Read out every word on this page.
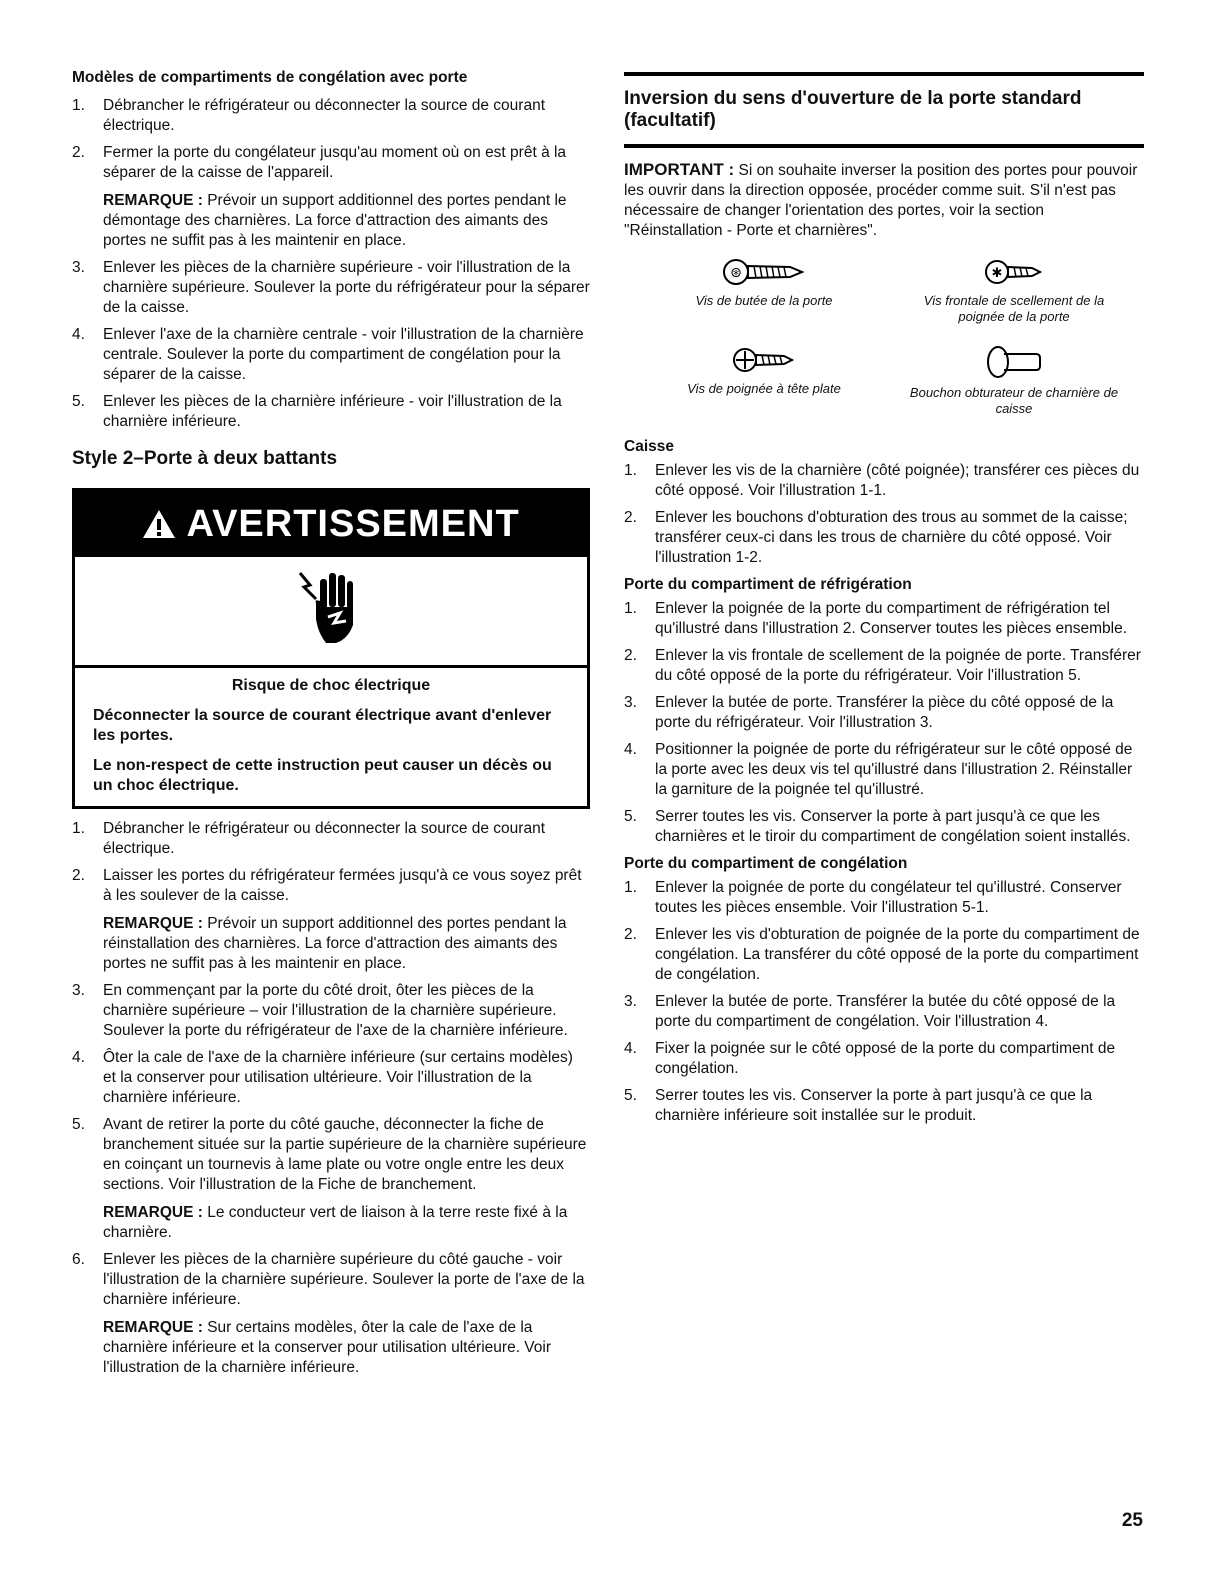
Modèles de compartiments de congélation avec porte
1. Débrancher le réfrigérateur ou déconnecter la source de courant électrique.
2. Fermer la porte du congélateur jusqu'au moment où on est prêt à la séparer de la caisse de l'appareil.

REMARQUE : Prévoir un support additionnel des portes pendant le démontage des charnières. La force d'attraction des aimants des portes ne suffit pas à les maintenir en place.

3. Enlever les pièces de la charnière supérieure - voir l'illustration de la charnière supérieure. Soulever la porte du réfrigérateur pour la séparer de la caisse.
4. Enlever l'axe de la charnière centrale - voir l'illustration de la charnière centrale. Soulever la porte du compartiment de congélation pour la séparer de la caisse.
5. Enlever les pièces de la charnière inférieure - voir l'illustration de la charnière inférieure.
Style 2–Porte à deux battants
AVERTISSEMENT

Risque de choc électrique

Déconnecter la source de courant électrique avant d'enlever les portes.

Le non-respect de cette instruction peut causer un décès ou un choc électrique.

1. Débrancher le réfrigérateur ou déconnecter la source de courant électrique.
2. Laisser les portes du réfrigérateur fermées jusqu'à ce vous soyez prêt à les soulever de la caisse.

REMARQUE : Prévoir un support additionnel des portes pendant la réinstallation des charnières. La force d'attraction des aimants des portes ne suffit pas à les maintenir en place.

3. En commençant par la porte du côté droit, ôter les pièces de la charnière supérieure – voir l'illustration de la charnière supérieure. Soulever la porte du réfrigérateur de l'axe de la charnière inférieure.
4. Ôter la cale de l'axe de la charnière inférieure (sur certains modèles) et la conserver pour utilisation ultérieure. Voir l'illustration de la charnière inférieure.
5. Avant de retirer la porte du côté gauche, déconnecter la fiche de branchement située sur la partie supérieure de la charnière supérieure en coinçant un tournevis à lame plate ou votre ongle entre les deux sections. Voir l'illustration de la Fiche de branchement.

REMARQUE : Le conducteur vert de liaison à la terre reste fixé à la charnière.

6. Enlever les pièces de la charnière supérieure du côté gauche - voir l'illustration de la charnière supérieure. Soulever la porte de l'axe de la charnière inférieure.

REMARQUE : Sur certains modèles, ôter la cale de l'axe de la charnière inférieure et la conserver pour utilisation ultérieure. Voir l'illustration de la charnière inférieure.

Inversion du sens d'ouverture de la porte standard (facultatif)

IMPORTANT : Si on souhaite inverser la position des portes pour pouvoir les ouvrir dans la direction opposée, procéder comme suit. S'il n'est pas nécessaire de changer l'orientation des portes, voir la section "Réinstallation - Porte et charnières".

⊛
Vis de butée de la porte
✱
Vis frontale de scellement de la poignée de la porte
Vis de poignée à tête plate	Bouchon obturateur de charnière de caisse
Caisse
1. Enlever les vis de la charnière (côté poignée); transférer ces pièces du côté opposé. Voir l'illustration 1-1.
2. Enlever les bouchons d'obturation des trous au sommet de la caisse; transférer ceux-ci dans les trous de charnière du côté opposé. Voir l'illustration 1-2.
Porte du compartiment de réfrigération
1. Enlever la poignée de la porte du compartiment de réfrigération tel qu'illustré dans l'illustration 2. Conserver toutes les pièces ensemble.
2. Enlever la vis frontale de scellement de la poignée de porte. Transférer du côté opposé de la porte du réfrigérateur. Voir l'illustration 5.
3. Enlever la butée de porte. Transférer la pièce du côté opposé de la porte du réfrigérateur. Voir l'illustration 3.
4. Positionner la poignée de porte du réfrigérateur sur le côté opposé de la porte avec les deux vis tel qu'illustré dans l'illustration 2. Réinstaller la garniture de la poignée tel qu'illustré.
5. Serrer toutes les vis. Conserver la porte à part jusqu'à ce que les charnières et le tiroir du compartiment de congélation soient installés.
Porte du compartiment de congélation
1. Enlever la poignée de porte du congélateur tel qu'illustré. Conserver toutes les pièces ensemble. Voir l'illustration 5-1.
2. Enlever les vis d'obturation de poignée de la porte du compartiment de congélation. La transférer du côté opposé de la porte du compartiment de congélation.
3. Enlever la butée de porte. Transférer la butée du côté opposé de la porte du compartiment de congélation. Voir l'illustration 4.
4. Fixer la poignée sur le côté opposé de la porte du compartiment de congélation.
5. Serrer toutes les vis. Conserver la porte à part jusqu'à ce que la charnière inférieure soit installée sur le produit.
25
